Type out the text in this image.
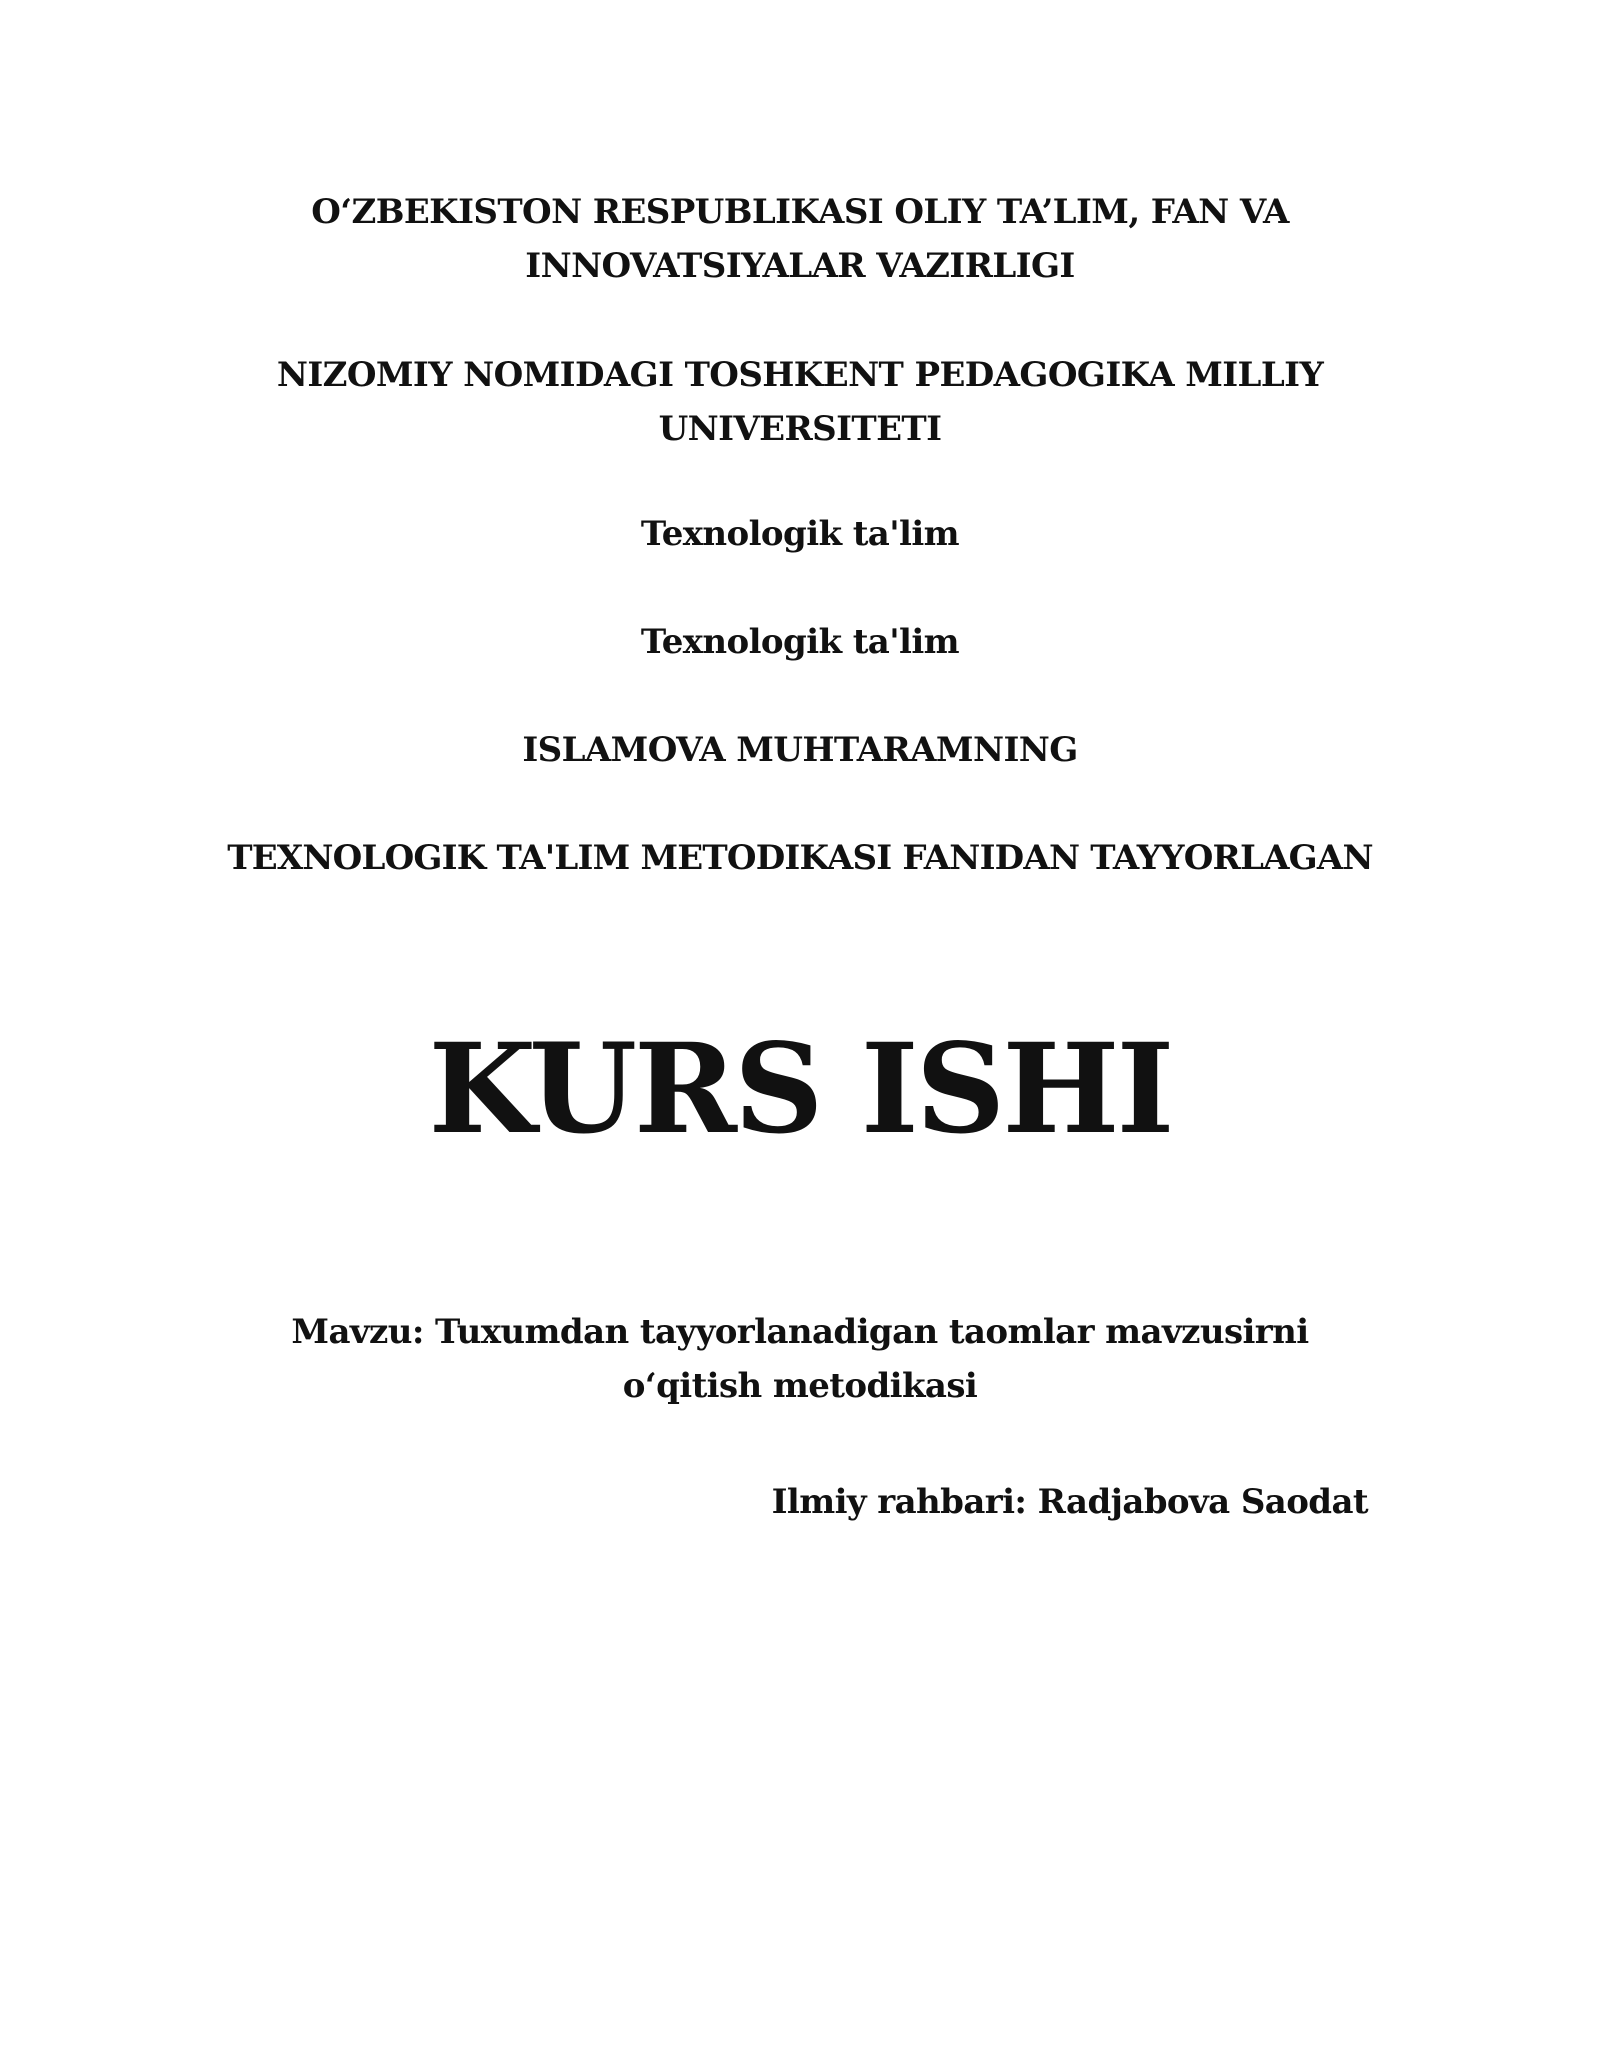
O‘ZBEKISTON RESPUBLIKASI OLIY TA’LIM, FAN VA
INNOVATSIYALAR VAZIRLIGI
NIZOMIY NOMIDAGI TOSHKENT PEDAGOGIKA MILLIY
UNIVERSITETI
Texnologik ta'lim
Texnologik ta'lim
ISLAMOVA MUHTARAMNING
TEXNOLOGIK TA'LIM METODIKASI FANIDAN TAYYORLAGAN
KURS ISHI
Mavzu: Tuxumdan tayyorlanadigan taomlar mavzusirni
o‘qitish metodikasi
Ilmiy rahbari: Radjabova Saodat
